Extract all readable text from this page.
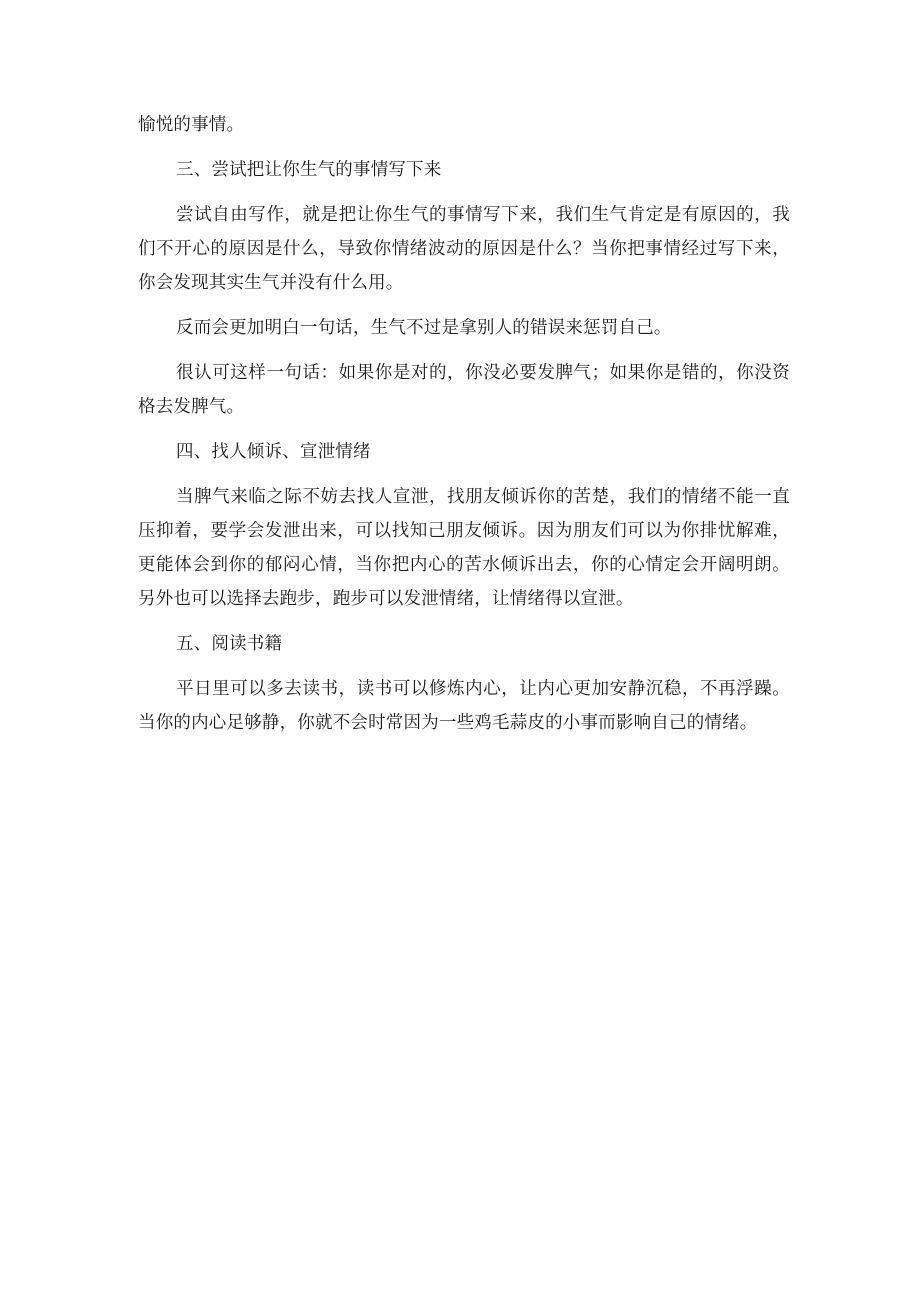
愉悦的事情。

三、尝试把让你生气的事情写下来

尝试自由写作，就是把让你生气的事情写下来，我们生气肯定是有原因的，我们不开心的原因是什么，导致你情绪波动的原因是什么？当你把事情经过写下来，你会发现其实生气并没有什么用。

反而会更加明白一句话，生气不过是拿别人的错误来惩罚自己。

很认可这样一句话：如果你是对的，你没必要发脾气；如果你是错的，你没资格去发脾气。

四、找人倾诉、宣泄情绪

当脾气来临之际不妨去找人宣泄，找朋友倾诉你的苦楚，我们的情绪不能一直压抑着，要学会发泄出来，可以找知己朋友倾诉。因为朋友们可以为你排忧解难，更能体会到你的郁闷心情，当你把内心的苦水倾诉出去，你的心情定会开阔明朗。另外也可以选择去跑步，跑步可以发泄情绪，让情绪得以宣泄。

五、阅读书籍

平日里可以多去读书，读书可以修炼内心，让内心更加安静沉稳，不再浮躁。当你的内心足够静，你就不会时常因为一些鸡毛蒜皮的小事而影响自己的情绪。
